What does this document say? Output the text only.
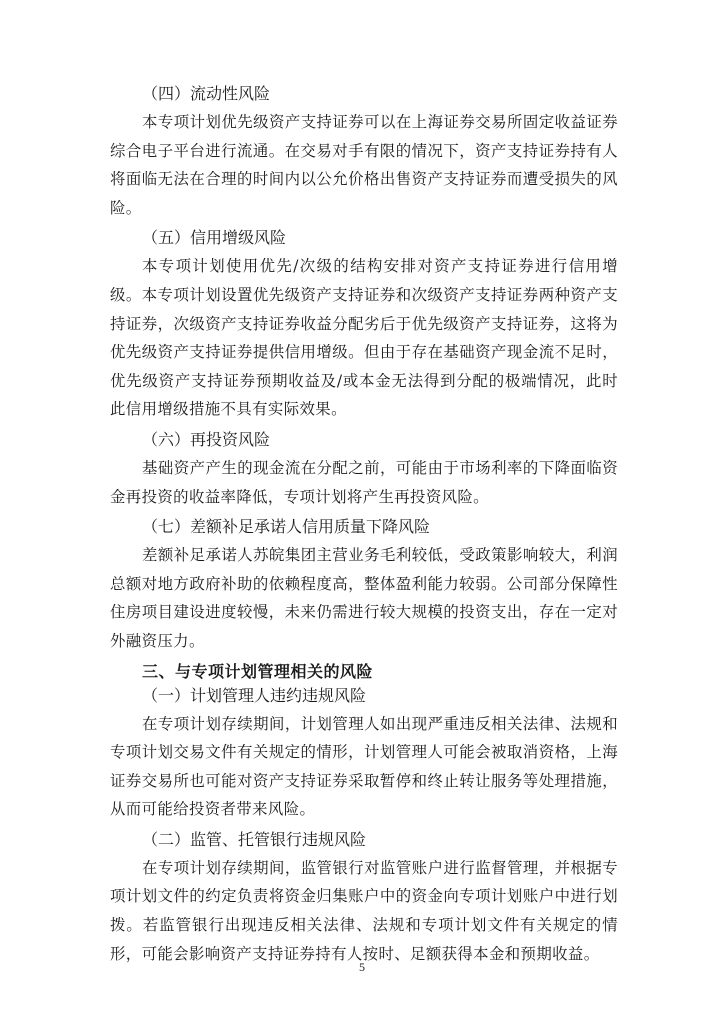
（四）流动性风险

本专项计划优先级资产支持证券可以在上海证券交易所固定收益证券综合电子平台进行流通。在交易对手有限的情况下，资产支持证券持有人将面临无法在合理的时间内以公允价格出售资产支持证券而遭受损失的风险。

（五）信用增级风险

本专项计划使用优先/次级的结构安排对资产支持证券进行信用增级。本专项计划设置优先级资产支持证券和次级资产支持证券两种资产支持证券，次级资产支持证券收益分配劣后于优先级资产支持证券，这将为优先级资产支持证券提供信用增级。但由于存在基础资产现金流不足时，优先级资产支持证券预期收益及/或本金无法得到分配的极端情况，此时此信用增级措施不具有实际效果。

（六）再投资风险

基础资产产生的现金流在分配之前，可能由于市场利率的下降面临资金再投资的收益率降低，专项计划将产生再投资风险。

（七）差额补足承诺人信用质量下降风险

差额补足承诺人苏皖集团主营业务毛利较低，受政策影响较大，利润总额对地方政府补助的依赖程度高，整体盈利能力较弱。公司部分保障性住房项目建设进度较慢，未来仍需进行较大规模的投资支出，存在一定对外融资压力。

三、与专项计划管理相关的风险
（一）计划管理人违约违规风险

在专项计划存续期间，计划管理人如出现严重违反相关法律、法规和专项计划交易文件有关规定的情形，计划管理人可能会被取消资格，上海证券交易所也可能对资产支持证券采取暂停和终止转让服务等处理措施，从而可能给投资者带来风险。

（二）监管、托管银行违规风险

在专项计划存续期间，监管银行对监管账户进行监督管理，并根据专项计划文件的约定负责将资金归集账户中的资金向专项计划账户中进行划拨。若监管银行出现违反相关法律、法规和专项计划文件有关规定的情形，可能会影响资产支持证券持有人按时、足额获得本金和预期收益。

5
